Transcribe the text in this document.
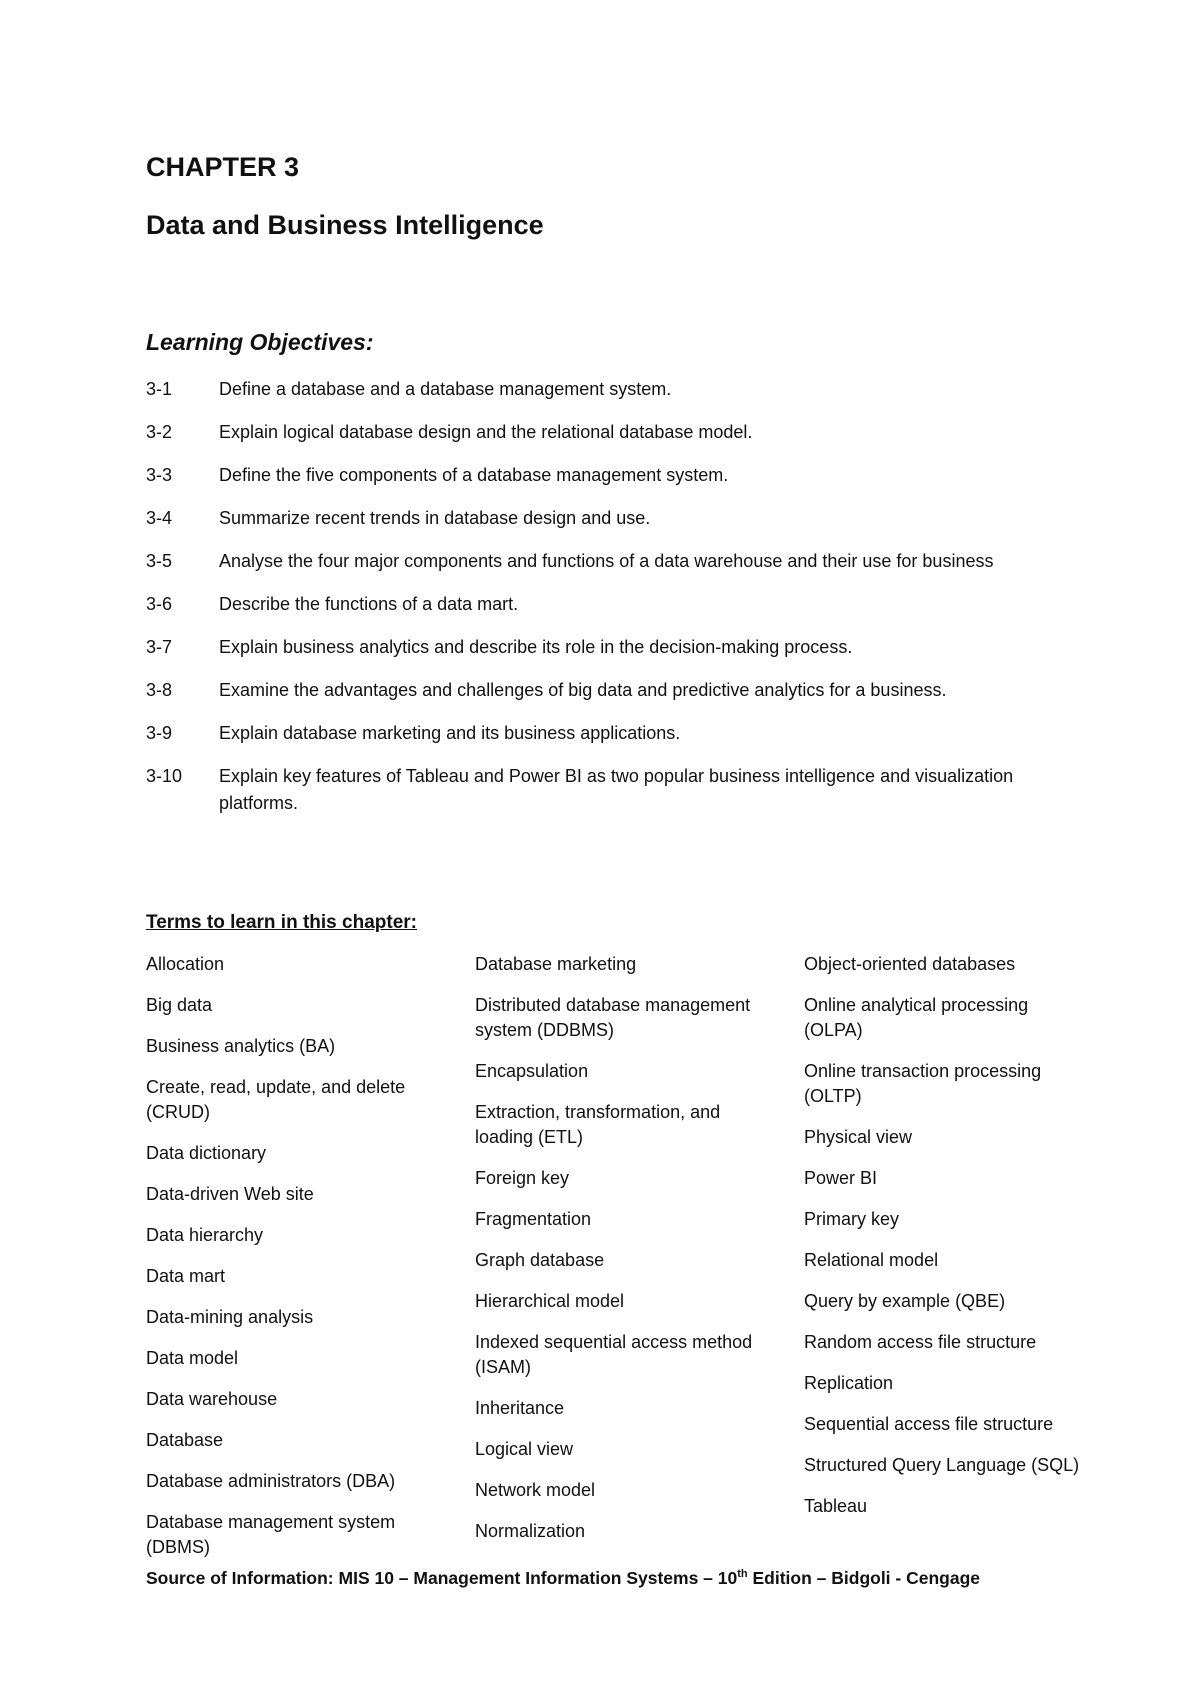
CHAPTER 3
Data and Business Intelligence
Learning Objectives:
3-1	Define a database and a database management system.
3-2	Explain logical database design and the relational database model.
3-3	Define the five components of a database management system.
3-4	Summarize recent trends in database design and use.
3-5	Analyse the four major components and functions of a data warehouse and their use for business
3-6	Describe the functions of a data mart.
3-7	Explain business analytics and describe its role in the decision-making process.
3-8	Examine the advantages and challenges of big data and predictive analytics for a business.
3-9	Explain database marketing and its business applications.
3-10	Explain key features of Tableau and Power BI as two popular business intelligence and visualization platforms.
Terms to learn in this chapter:
Allocation
Big data
Business analytics (BA)
Create, read, update, and delete (CRUD)
Data dictionary
Data-driven Web site
Data hierarchy
Data mart
Data-mining analysis
Data model
Data warehouse
Database
Database administrators (DBA)
Database management system (DBMS)
Database marketing
Distributed database management system (DDBMS)
Encapsulation
Extraction, transformation, and loading (ETL)
Foreign key
Fragmentation
Graph database
Hierarchical model
Indexed sequential access method (ISAM)
Inheritance
Logical view
Network model
Normalization
Object-oriented databases
Online analytical processing (OLPA)
Online transaction processing (OLTP)
Physical view
Power BI
Primary key
Relational model
Query by example (QBE)
Random access file structure
Replication
Sequential access file structure
Structured Query Language (SQL)
Tableau

Source of Information: MIS 10 – Management Information Systems – 10th Edition – Bidgoli - Cengage
